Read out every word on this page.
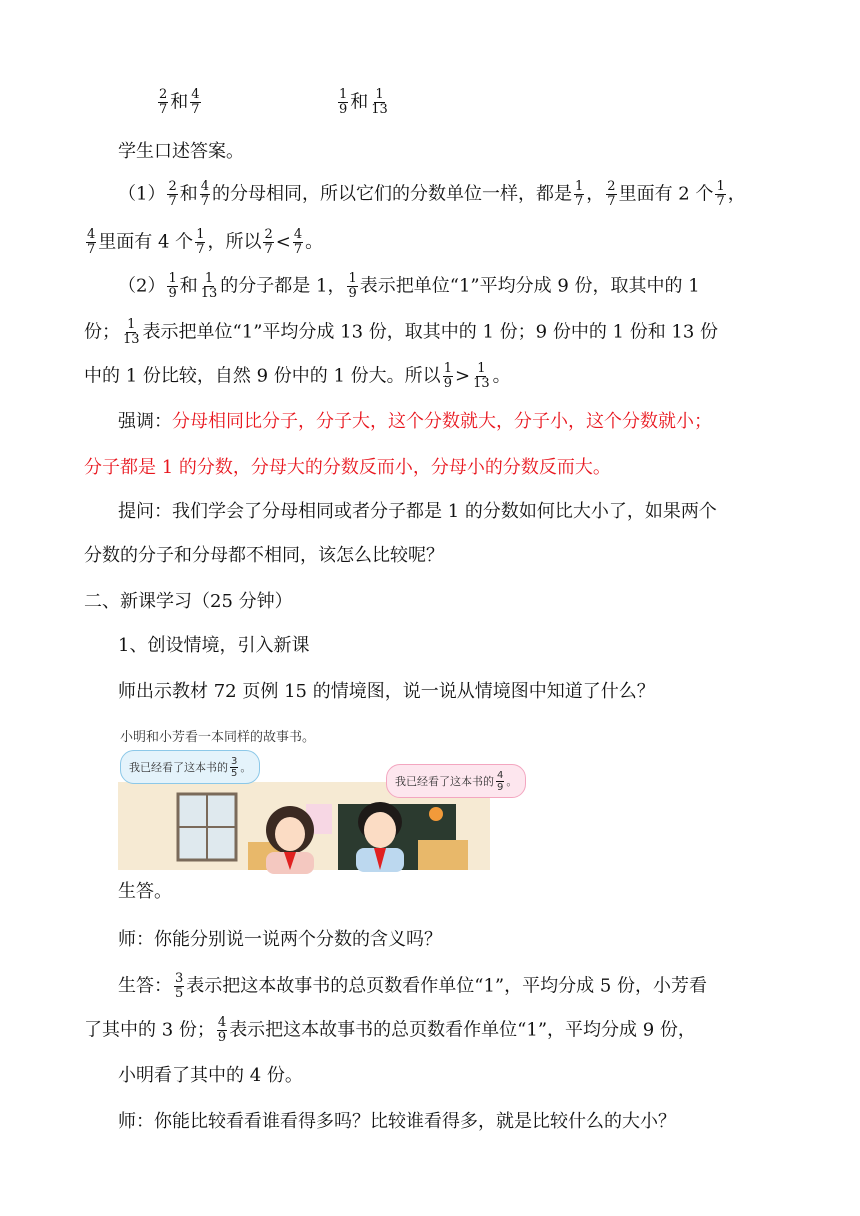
$\frac{2}{7}$ 和 $\frac{4}{7}$	$\frac{1}{9}$ 和 $\frac{1}{13}$
学生口述答案。
$(1) \frac{2}{7}$ 和 $\frac{4}{7}$ 的分母相同，所以它们的分数单位一样，都是 $\frac{1}{7}$ ， $\frac{2}{7}$ 里面有 2 个 $\frac{1}{7}$ ，
$\frac{4}{7}$ 里面有 4 个 $\frac{1}{7}$ ，所以 $\frac{2}{7} < \frac{4}{7}$ 。
$(2) \frac{1}{9}$ 和 $\frac{1}{13}$ 的分子都是 1， $\frac{1}{9}$ 表示把单位“1”平均分成 9 份，取其中的 1
份； $\frac{1}{13}$ 表示把单位“1”平均分成 13 份，取其中的 1 份；9 份中的 1 份和 13 份
中的 1 份比较，自然 9 份中的 1 份大。所以 $\frac{1}{9} > \frac{1}{13}$ 。
强调：分母相同比分子，分子大，这个分数就大，分子小，这个分数就小；
分子都是 1 的分数，分母大的分数反而小，分母小的分数反而大。
提问：我们学会了分母相同或者分子都是 1 的分数如何比大小了，如果两个
分数的分子和分母都不相同，该怎么比较呢？
二、新课学习（25 分钟）
1、创设情境，引入新课
师出示教材 72 页例 15 的情境图，说一说从情境图中知道了什么？
小明和小芳看一本同样的故事书。
我已经看了这本书的 $\frac{3}{5}$ 。
我已经看了这本书的 $\frac{4}{9}$ 。
生答。
师：你能分别说一说两个分数的含义吗？
生答： $\frac{3}{5}$ 表示把这本故事书的总页数看作单位“1”，平均分成 5 份，小芳看
了其中的 3 份； $\frac{4}{9}$ 表示把这本故事书的总页数看作单位“1”，平均分成 9 份，
小明看了其中的 4 份。
师：你能比较看看谁看得多吗？比较谁看得多，就是比较什么的大小？
